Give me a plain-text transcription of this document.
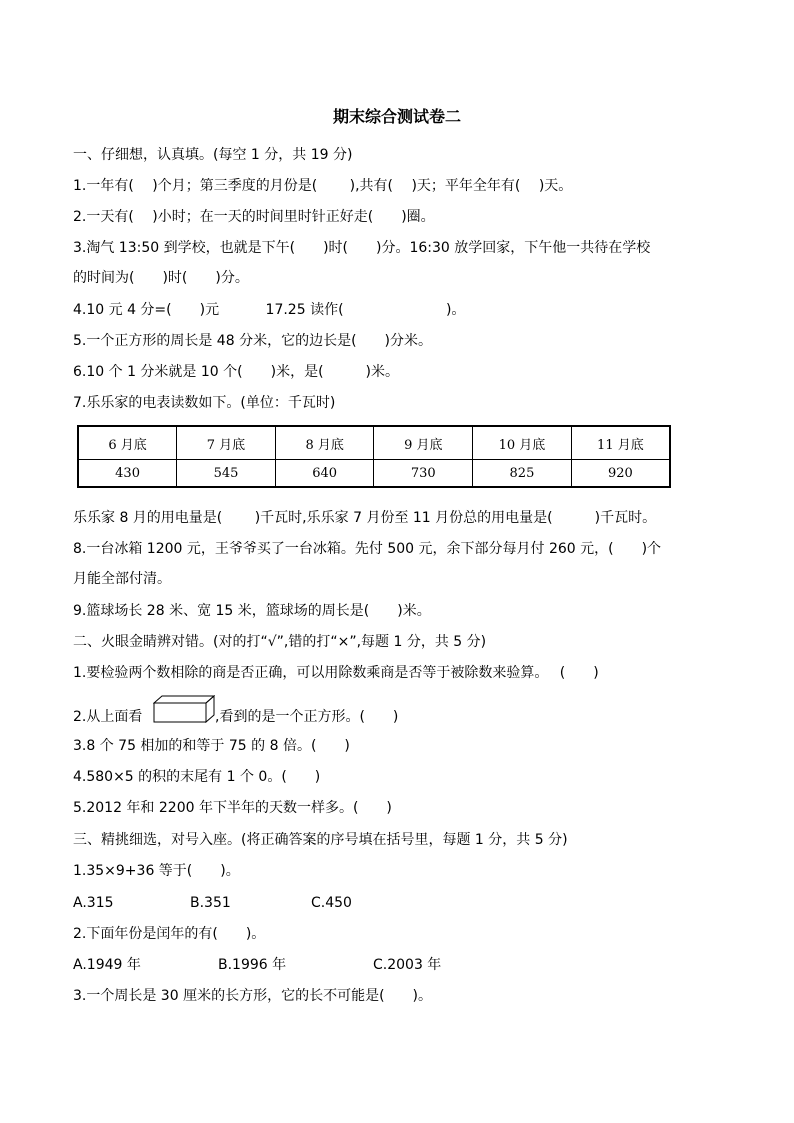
期末综合测试卷二
一、仔细想，认真填。(每空 1 分，共 19 分)
1.一年有(　 )个月；第三季度的月份是(　　 ),共有(　 )天；平年全年有(　 )天。
2.一天有(　 )小时；在一天的时间里时针正好走(　　)圈。
3.淘气 13:50 到学校，也就是下午(　　)时(　　)分。16:30 放学回家，下午他一共待在学校
的时间为(　　)时(　　)分。
4.10 元 4 分=(　　)元　　　 17.25 读作(　　　　　　　 )。
5.一个正方形的周长是 48 分米，它的边长是(　　)分米。
6.10 个 1 分米就是 10 个(　　)米，是(　　　)米。
7.乐乐家的电表读数如下。(单位：千瓦时)
6 月底	7 月底	8 月底	9 月底	10 月底	11 月底
430	545	640	730	825	920
乐乐家 8 月的用电量是(　　 )千瓦时,乐乐家 7 月份至 11 月份总的用电量是(　　　)千瓦时。
8.一台冰箱 1200 元，王爷爷买了一台冰箱。先付 500 元，余下部分每月付 260 元，(　　)个
月能全部付清。
9.篮球场长 28 米、宽 15 米，篮球场的周长是(　　)米。
二、火眼金睛辨对错。(对的打“√”,错的打“×”,每题 1 分，共 5 分)
1.要检验两个数相除的商是否正确，可以用除数乘商是否等于被除数来验算。　 (　　)
2.从上面看	,看到的是一个正方形。(　　)
3.8 个 75 相加的和等于 75 的 8 倍。(　　)
4.580×5 的积的末尾有 1 个 0。(　　)
5.2012 年和 2200 年下半年的天数一样多。(　　)
三、精挑细选，对号入座。(将正确答案的序号填在括号里，每题 1 分，共 5 分)
1.35×9+36 等于(　　)。
A.315	B.351	C.450
2.下面年份是闰年的有(　　)。
A.1949 年	B.1996 年	C.2003 年
3.一个周长是 30 厘米的长方形，它的长不可能是(　　)。
